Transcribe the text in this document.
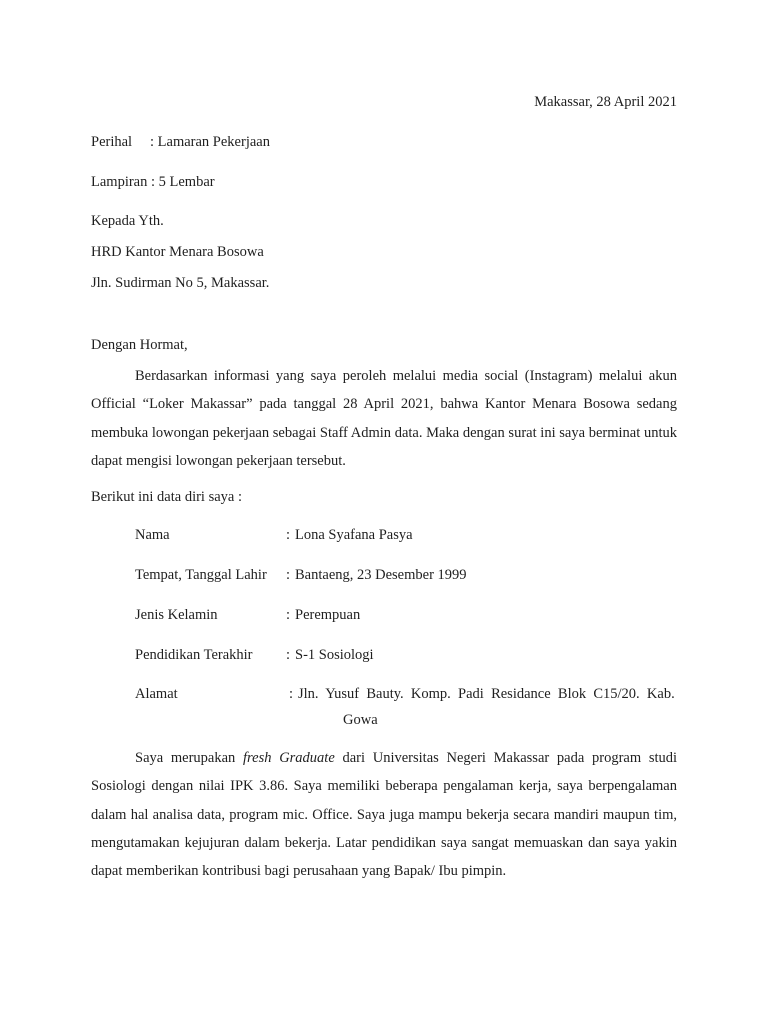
Makassar, 28 April 2021
Perihal : Lamaran Pekerjaan
Lampiran : 5 Lembar
Kepada Yth.
HRD Kantor Menara Bosowa
Jln. Sudirman No 5, Makassar.
Dengan Hormat,
Berdasarkan informasi yang saya peroleh melalui media social (Instagram) melalui akun Official “Loker Makassar” pada tanggal 28 April 2021, bahwa Kantor Menara Bosowa sedang membuka lowongan pekerjaan sebagai Staff Admin data. Maka dengan surat ini saya berminat untuk dapat mengisi lowongan pekerjaan tersebut.
Berikut ini data diri saya :
Nama	: Lona Syafana Pasya
Tempat, Tanggal Lahir : Bantaeng, 23 Desember 1999
Jenis Kelamin	: Perempuan
Pendidikan Terakhir : S-1 Sosiologi
Alamat	: Jln.  Yusuf  Bauty.  Komp.  Padi  Residance  Blok  C15/20.  Kab.
Gowa
Saya merupakan fresh Graduate dari Universitas Negeri Makassar pada program studi Sosiologi dengan nilai IPK 3.86. Saya memiliki beberapa pengalaman kerja, saya berpengalaman dalam hal analisa data, program mic. Office. Saya juga mampu bekerja secara mandiri maupun tim, mengutamakan kejujuran dalam bekerja. Latar pendidikan saya sangat memuaskan dan saya yakin dapat memberikan kontribusi bagi perusahaan yang Bapak/ Ibu pimpin.
